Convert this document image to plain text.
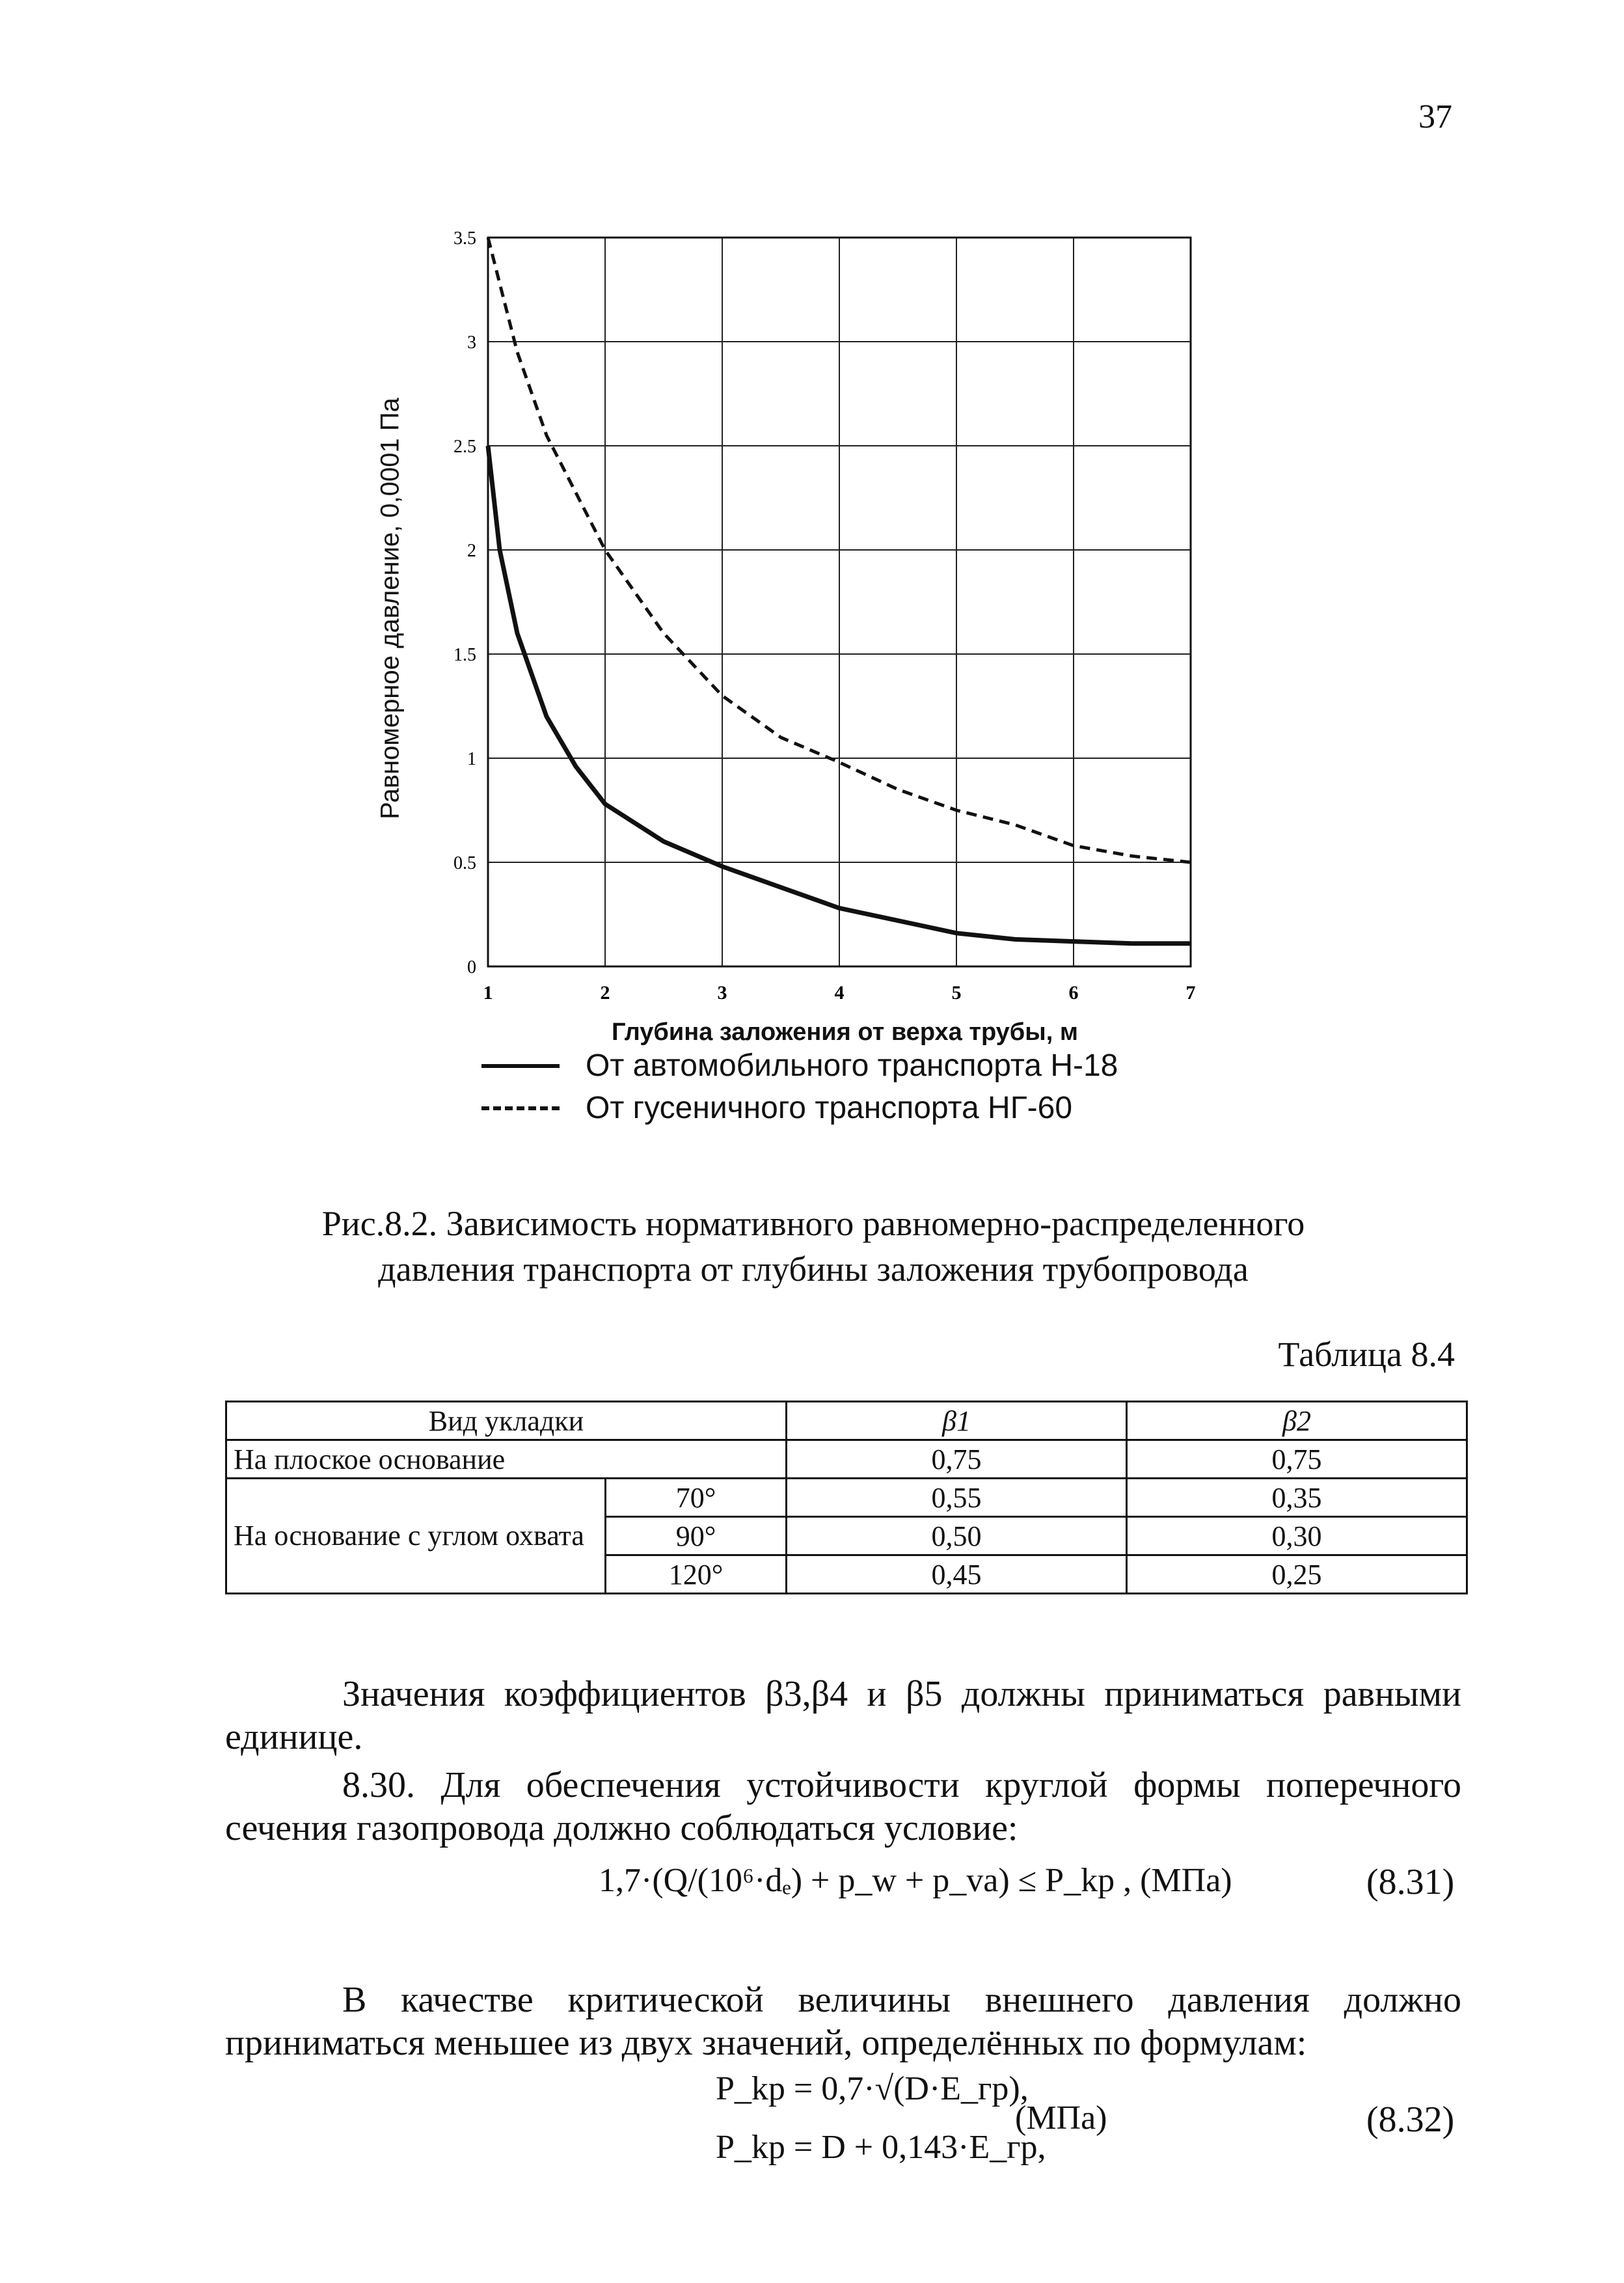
37
1	2	3	4	5	6	7
0
0.5
1
1.5
2
2.5
3
3.5
Равномерное давление, 0,0001 Па
Глубина заложения от верха трубы, м
От автомобильного транспорта Н-18
От гусеничного транспорта НГ-60
Рис.8.2. Зависимость нормативного равномерно-распределенного
давления транспорта от глубины заложения трубопровода
Таблица 8.4
Вид укладки		β1	β2
На плоское основание		0,75	0,75
На основание с углом охвата	70°	0,55	0,35
	90°	0,50	0,30
	120°	0,45	0,25
Значения коэффициентов β3,β4 и β5 должны приниматься равными единице.
8.30. Для обеспечения устойчивости круглой формы поперечного сечения газопровода должно соблюдаться условие:
1,7·(Q/(10⁶·dₑ) + p_w + p_va) ≤ P_kp , (МПа)	(8.31)
В качестве критической величины внешнего давления должно приниматься меньшее из двух значений, определённых по формулам:
P_kp = 0,7·√(D·E_гр),
P_kp = D + 0,143·E_гр,
(МПа)	(8.32)
